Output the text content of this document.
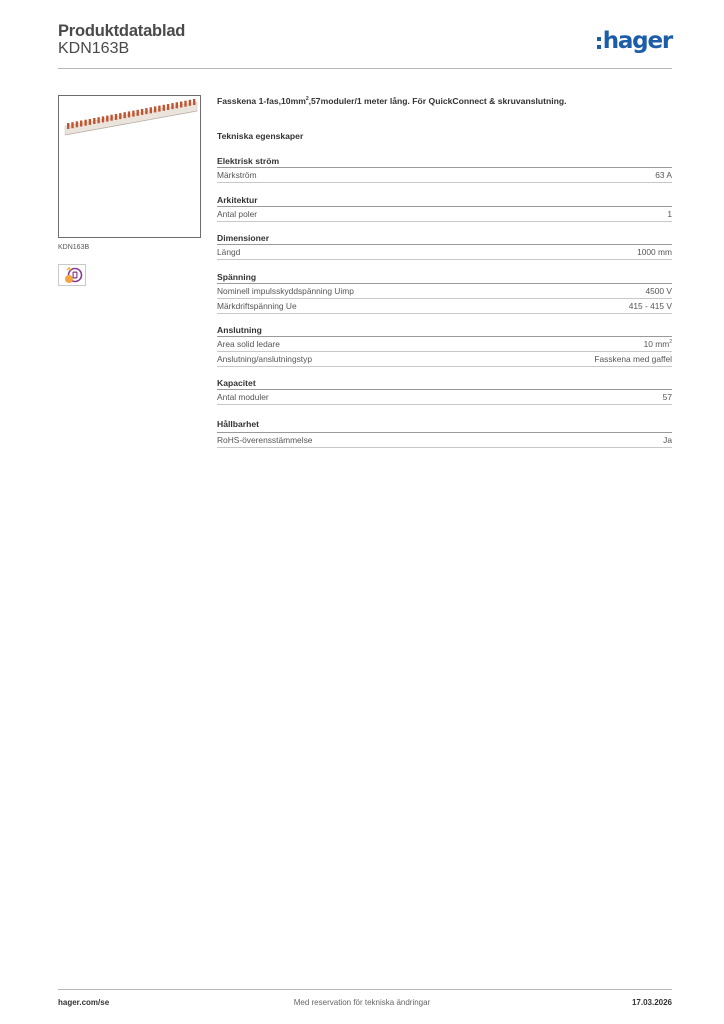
Produktdatablad
KDN163B	hager
KDN163B
Fasskena $1-fas,10mm^2,57moduler/1$ meter lång. För QuickConnect & skruvanslutning.
Tekniska egenskaper
Elektrisk ström
Märkström	63 A
Arkitektur
Antal poler	1
Dimensioner
Längd	1000 mm
Spänning
Nominell impulsskyddspänning Uimp	4500 V
Märkdriftspänning Ue	415 - 415 V
Anslutning
Area solid ledare	10 $mm^2$
Anslutning/anslutningstyp	Fasskena med gaffel
Kapacitet
Antal moduler	57
Hållbarhet
RoHS-överensstämmelse	Ja
hager.com/se	Med reservation för tekniska ändringar	17.03.2026
